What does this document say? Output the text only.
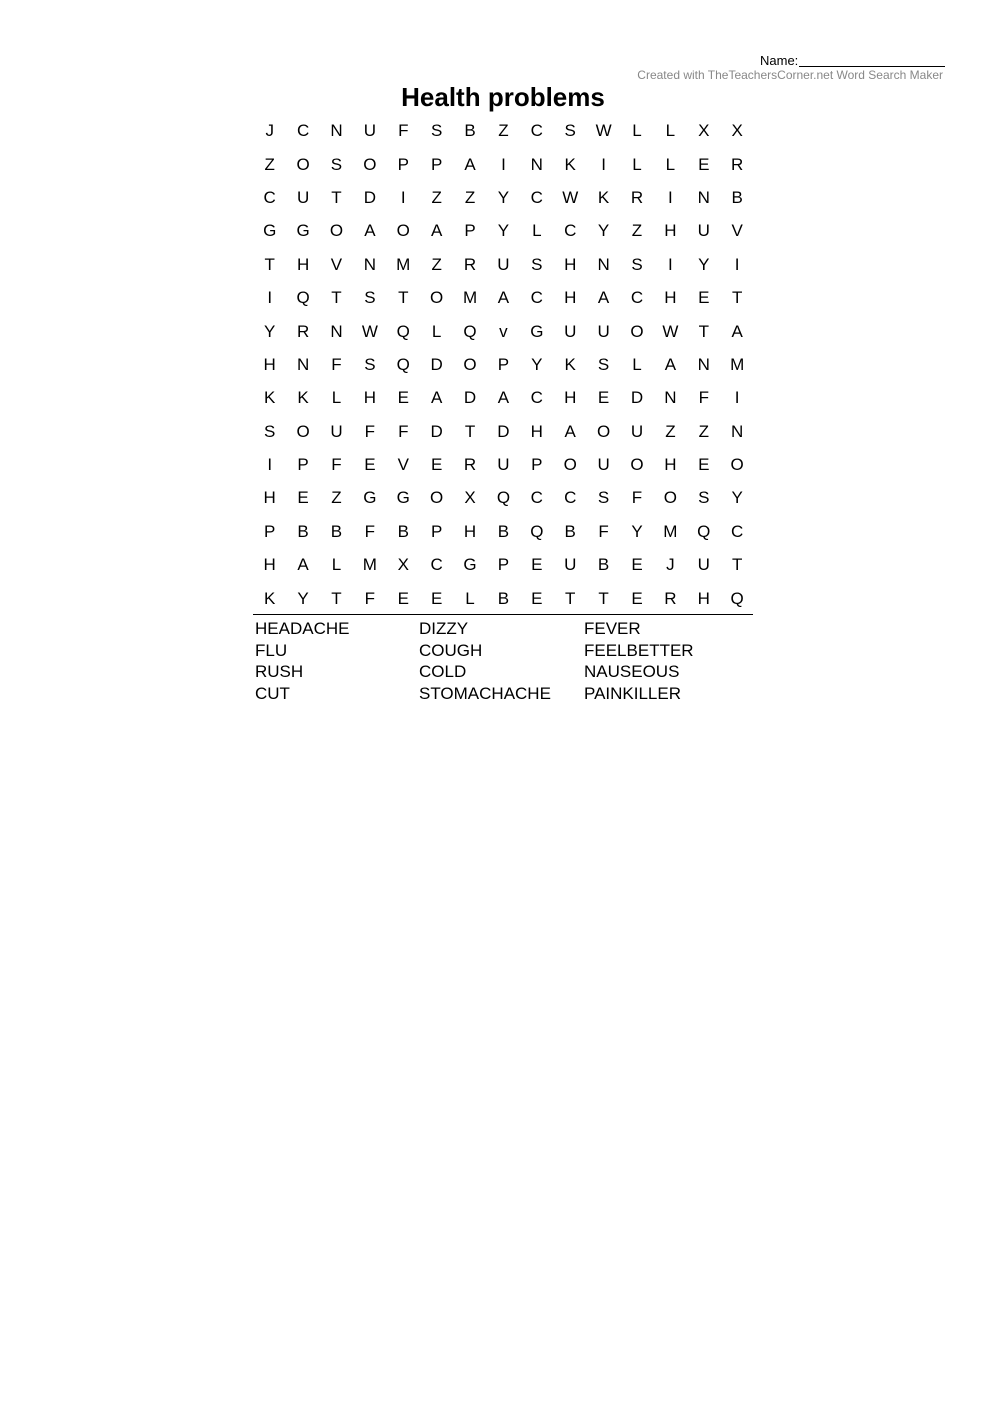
Name:
Created with TheTeachersCorner.net Word Search Maker
Health problems
J	C	N	U	F	S	B	Z	C	S	W	L	L	X	X
Z	O	S	O	P	P	A	I	N	K	I	L	L	E	R
C	U	T	D	I	Z	Z	Y	C	W	K	R	I	N	B
G	G	O	A	O	A	P	Y	L	C	Y	Z	H	U	V
T	H	V	N	M	Z	R	U	S	H	N	S	I	Y	I
I	Q	T	S	T	O	M	A	C	H	A	C	H	E	T
Y	R	N	W	Q	L	Q	v	G	U	U	O	W	T	A
H	N	F	S	Q	D	O	P	Y	K	S	L	A	N	M
K	K	L	H	E	A	D	A	C	H	E	D	N	F	I
S	O	U	F	F	D	T	D	H	A	O	U	Z	Z	N
I	P	F	E	V	E	R	U	P	O	U	O	H	E	O
H	E	Z	G	G	O	X	Q	C	C	S	F	O	S	Y
P	B	B	F	B	P	H	B	Q	B	F	Y	M	Q	C
H	A	L	M	X	C	G	P	E	U	B	E	J	U	T
K	Y	T	F	E	E	L	B	E	T	T	E	R	H	Q
HEADACHE	DIZZY	FEVER
FLU	COUGH	FEELBETTER
RUSH	COLD	NAUSEOUS
CUT	STOMACHACHE	PAINKILLER
